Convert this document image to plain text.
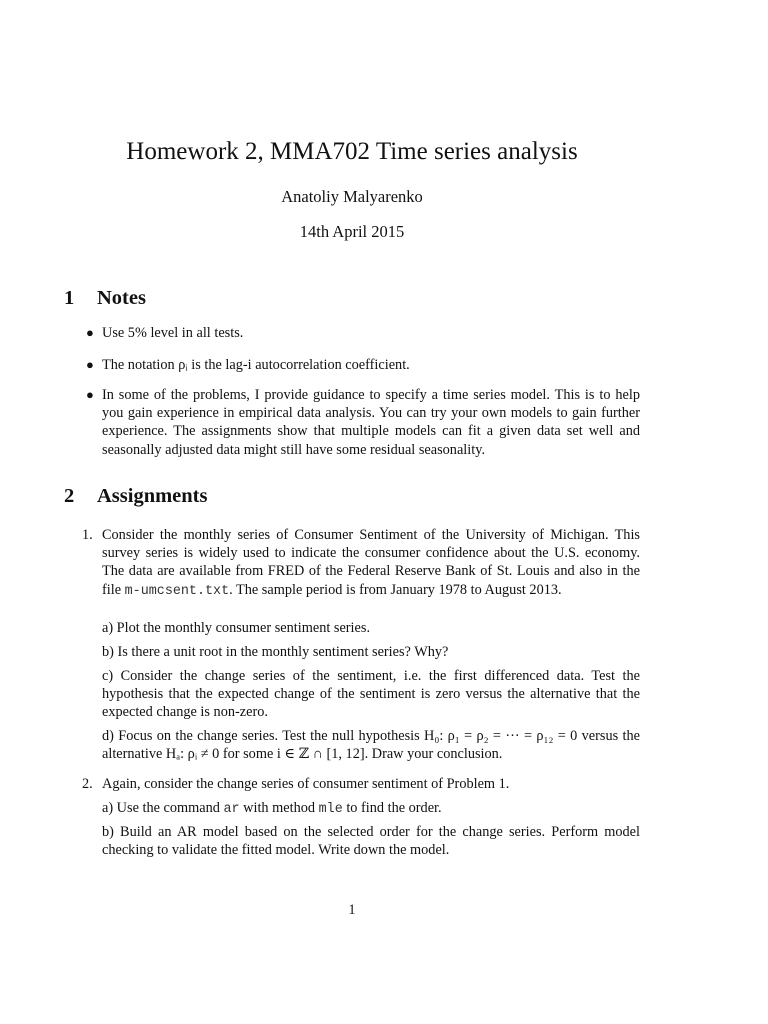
Homework 2, MMA702 Time series analysis
Anatoliy Malyarenko
14th April 2015
1 Notes
● Use 5% level in all tests.
● The notation ρᵢ is the lag-i autocorrelation coefficient.
● In some of the problems, I provide guidance to specify a time series model. This is to help you gain experience in empirical data analysis. You can try your own models to gain further experience. The assignments show that multiple models can fit a given data set well and seasonally adjusted data might still have some residual seasonality.
2 Assignments
1. Consider the monthly series of Consumer Sentiment of the University of Michigan. This survey series is widely used to indicate the consumer confidence about the U.S. economy. The data are available from FRED of the Federal Reserve Bank of St. Louis and also in the file m-umcsent.txt. The sample period is from January 1978 to August 2013.
a) Plot the monthly consumer sentiment series.
b) Is there a unit root in the monthly sentiment series? Why?
c) Consider the change series of the sentiment, i.e. the first differenced data. Test the hypothesis that the expected change of the sentiment is zero versus the alternative that the expected change is non-zero.
d) Focus on the change series. Test the null hypothesis H₀: ρ₁ = ρ₂ = ··· = ρ₁₂ = 0 versus the alternative Hₐ: ρᵢ ≠ 0 for some i ∈ ℤ ∩ [1, 12]. Draw your conclusion.
2. Again, consider the change series of consumer sentiment of Problem 1.
a) Use the command ar with method mle to find the order.
b) Build an AR model based on the selected order for the change series. Perform model checking to validate the fitted model. Write down the model.
1
